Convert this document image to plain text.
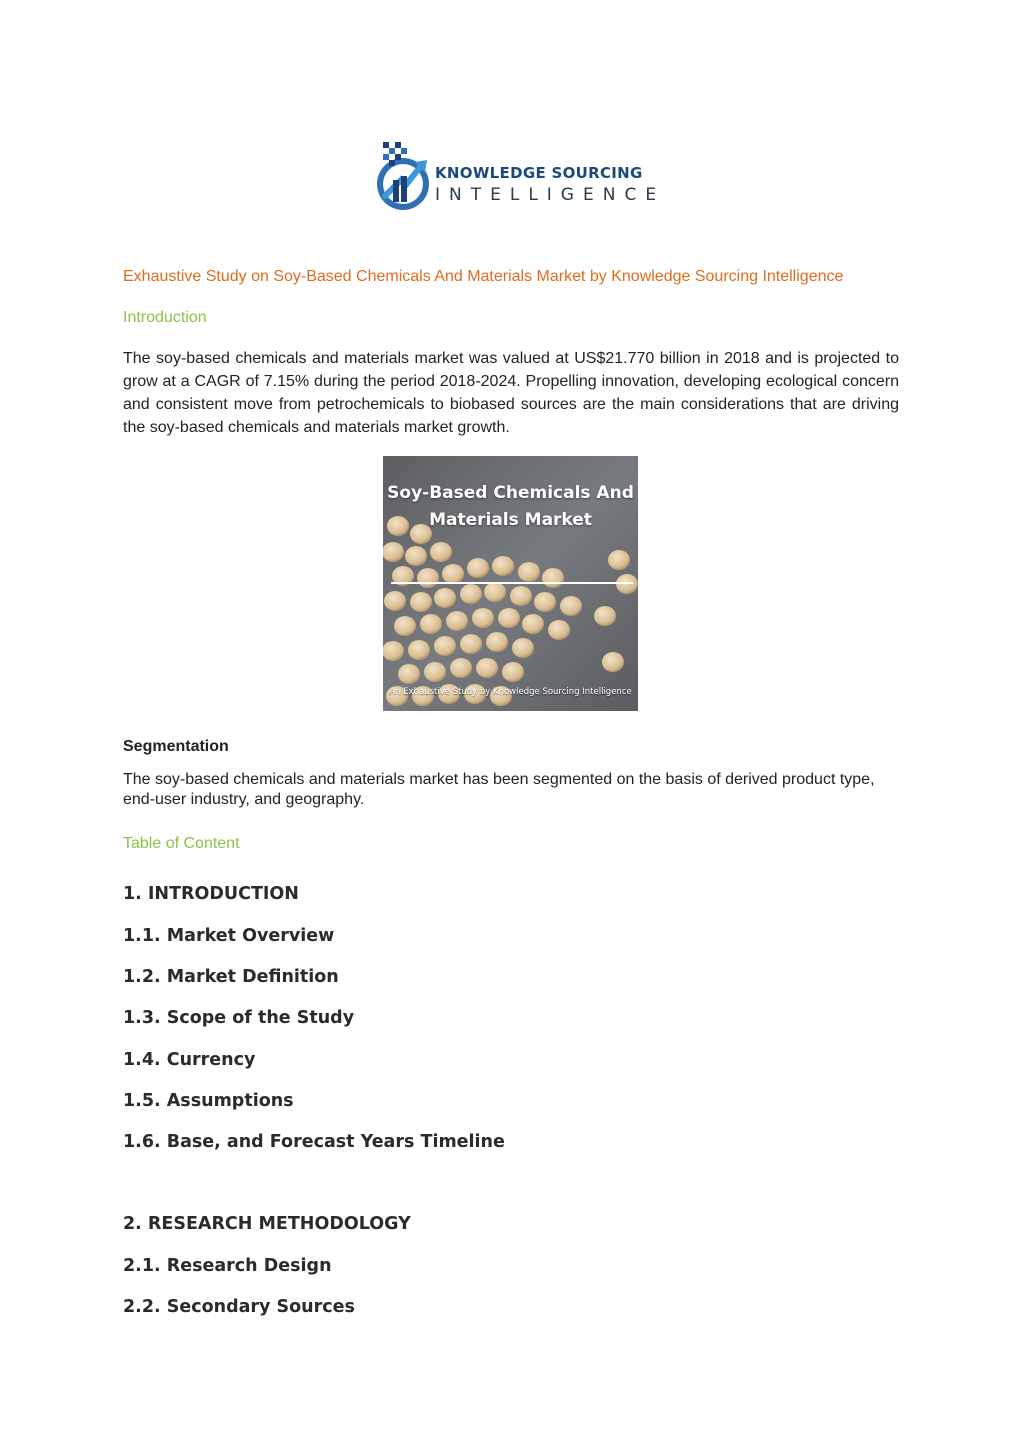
KNOWLEDGE SOURCING
INTELLIGENCE
Exhaustive Study on Soy-Based Chemicals And Materials Market by Knowledge Sourcing Intelligence
Introduction

The soy-based chemicals and materials market was valued at US$21.770 billion in 2018 and is projected to grow at a CAGR of 7.15% during the period 2018-2024. Propelling innovation, developing ecological concern and consistent move from petrochemicals to biobased sources are the main considerations that are driving the soy-based chemicals and materials market growth.

Soy-Based Chemicals And
Materials Market
An Exhaustive Study by Knowledge Sourcing Intelligence
Segmentation

The soy-based chemicals and materials market has been segmented on the basis of derived product type, end-user industry, and geography.

Table of Content
1. INTRODUCTION
1.1. Market Overview
1.2. Market Definition
1.3. Scope of the Study
1.4. Currency
1.5. Assumptions
1.6. Base, and Forecast Years Timeline
2. RESEARCH METHODOLOGY
2.1. Research Design
2.2. Secondary Sources
